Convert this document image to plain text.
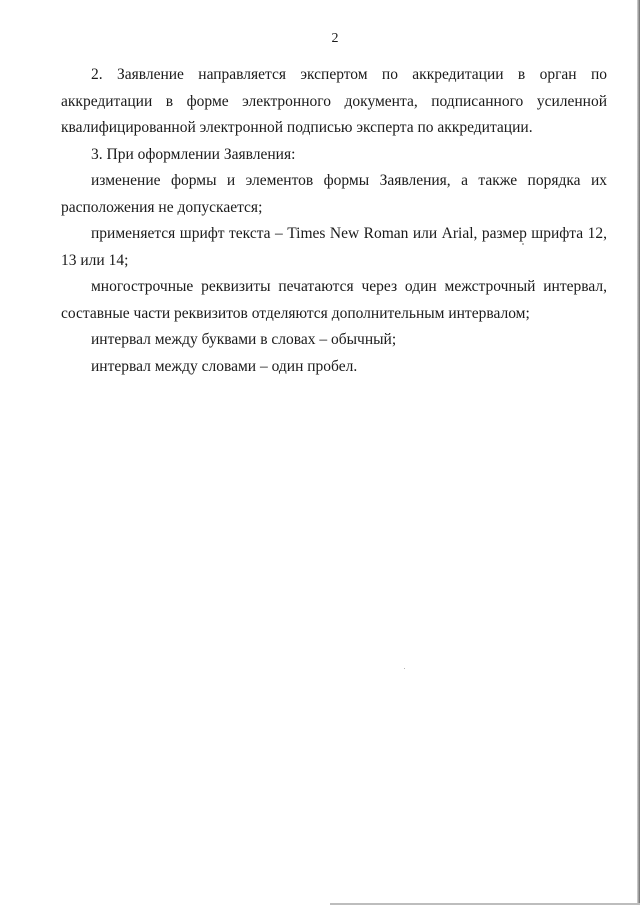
2

2. Заявление направляется экспертом по аккредитации в орган по аккредитации в форме электронного документа, подписанного усиленной квалифицированной электронной подписью эксперта по аккредитации.

3. При оформлении Заявления:

изменение формы и элементов формы Заявления, а также порядка их расположения не допускается;

применяется шрифт текста – Times New Roman или Arial, размер шрифта 12, 13 или 14;

многострочные реквизиты печатаются через один межстрочный интервал, составные части реквизитов отделяются дополнительным интервалом;

интервал между буквами в словах – обычный;

интервал между словами – один пробел.
